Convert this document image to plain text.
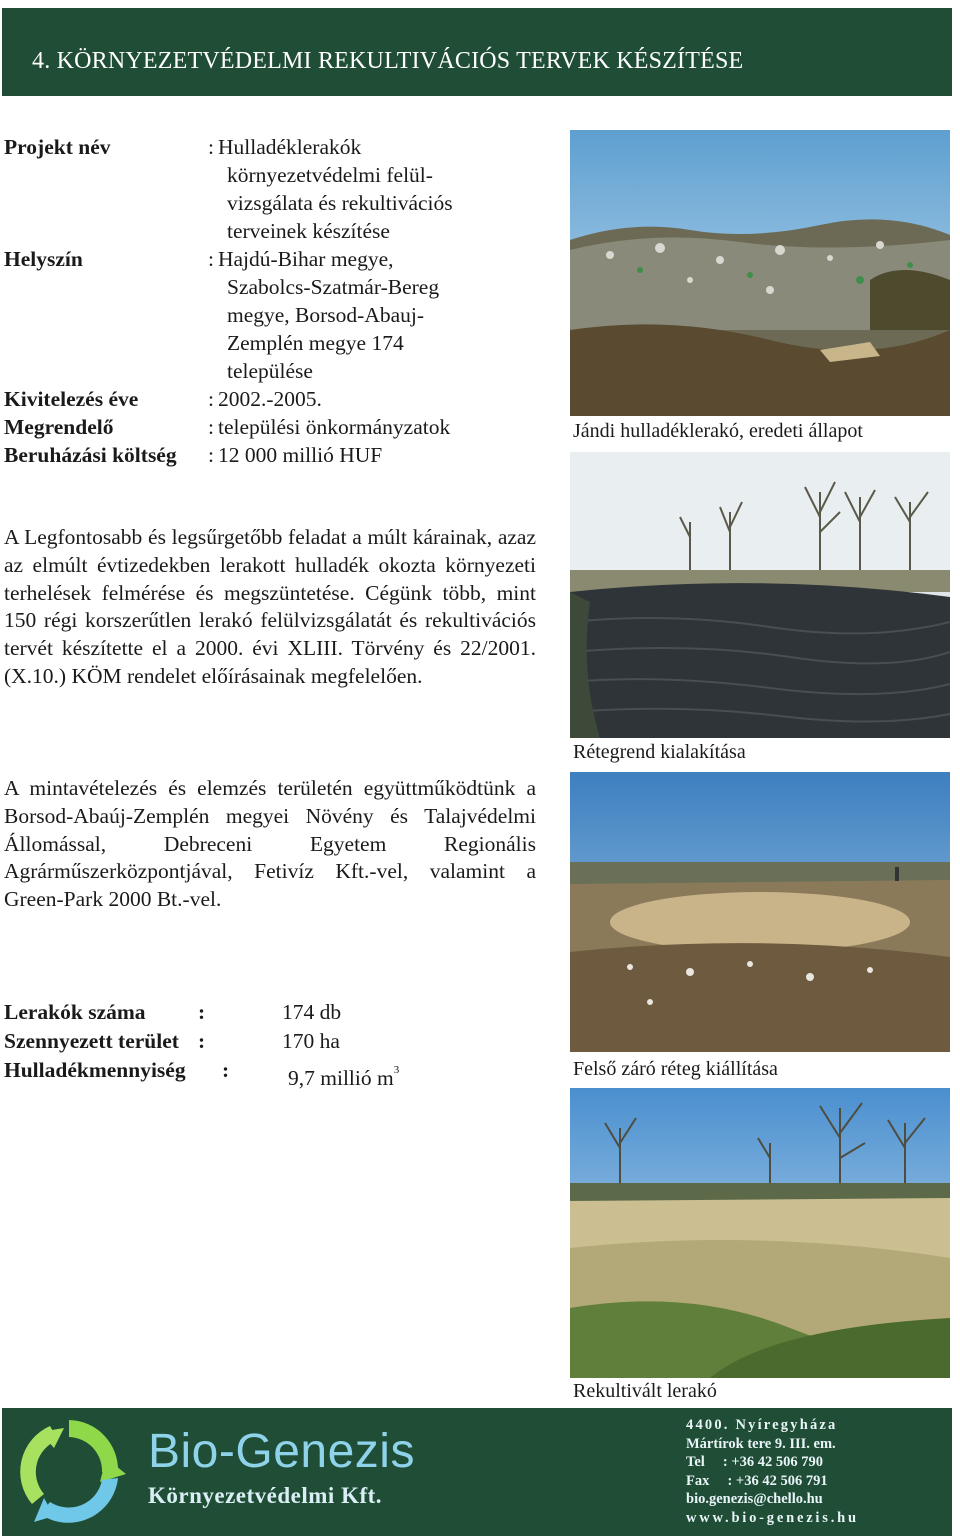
4. KÖRNYEZETVÉDELMI REKULTIVÁCIÓS TERVEK KÉSZÍTÉSE
Projekt név	: Hulladéklerakók
környezetvédelmi felül-
vizsgálata és rekultivációs
terveinek készítése
Helyszín	: Hajdú-Bihar megye,
Szabolcs-Szatmár-Bereg
megye, Borsod-Abauj-
Zemplén megye 174
települése
Kivitelezés éve	: 2002.-2005.
Megrendelő	: települési önkormányzatok
Beruházási költség	: 12 000 millió HUF
A Legfontosabb és legsűrgetőbb feladat a múlt kárainak, azaz az elmúlt évtizedekben lerakott hulladék okozta környezeti terhelések felmérése és megszüntetése. Cégünk több, mint 150 régi korszerűtlen lerakó felülvizsgálatát és rekultivációs tervét készítette el a 2000. évi XLIII. Törvény és 22/2001. (X.10.) KÖM rendelet előírásainak megfelelően.
A mintavételezés és elemzés területén együttműködtünk a Borsod-Abaúj-Zemplén megyei Növény és Talajvédelmi Állomással, Debreceni Egyetem Regionális Agrárműszerközpontjával, Fetivíz Kft.-vel, valamint a Green-Park 2000 Bt.-vel.
Lerakók száma	:	174 db
Szennyezett terület :	170 ha
Hulladékmennyiség	:	9,7 millió $m^3$
Jándi hulladéklerakó, eredeti állapot
Rétegrend kialakítása
Felső záró réteg kiállítása
Rekultivált lerakó
Bio-Genezis
Környezetvédelmi Kft.
4400. Nyíregyháza
Mártírok tere 9. III. em.
Tel     : +36 42 506 790
Fax     : +36 42 506 791
bio.genezis@chello.hu
www.bio-genezis.hu
